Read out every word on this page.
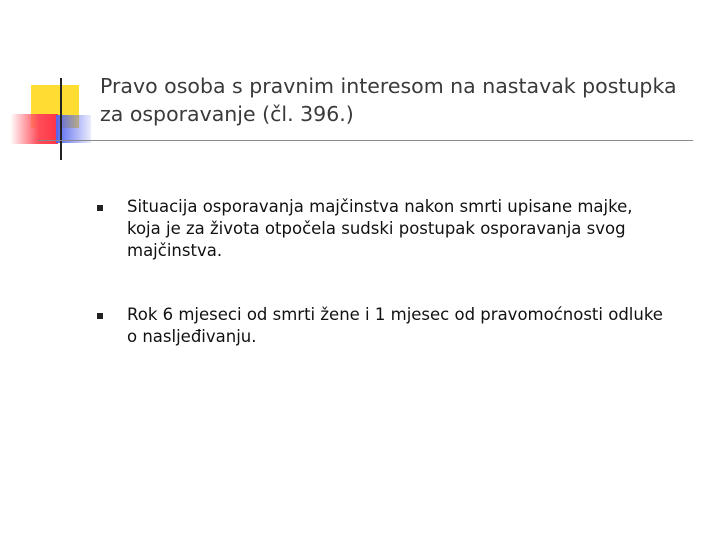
Pravo osoba s pravnim interesom na nastavak postupka
za osporavanje (čl. 396.)
Situacija osporavanja majčinstva nakon smrti upisane majke,
koja je za života otpočela sudski postupak osporavanja svog
majčinstva.
Rok 6 mjeseci od smrti žene i 1 mjesec od pravomoćnosti odluke
o nasljeđivanju.
